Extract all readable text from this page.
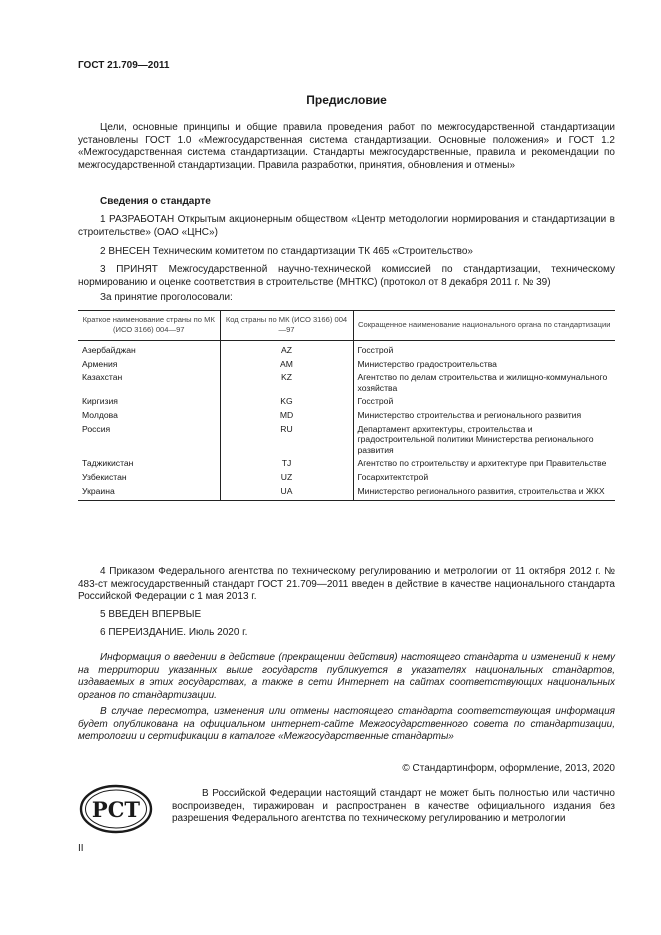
ГОСТ 21.709—2011
Предисловие

Цели, основные принципы и общие правила проведения работ по межгосударственной стандартизации установлены ГОСТ 1.0 «Межгосударственная система стандартизации. Основные положения» и ГОСТ 1.2 «Межгосударственная система стандартизации. Стандарты межгосударственные, правила и рекомендации по межгосударственной стандартизации. Правила разработки, принятия, обновления и отмены»

Сведения о стандарте

1 РАЗРАБОТАН Открытым акционерным обществом «Центр методологии нормирования и стандартизации в строительстве» (ОАО «ЦНС»)

2 ВНЕСЕН Техническим комитетом по стандартизации ТК 465 «Строительство»

3 ПРИНЯТ Межгосударственной научно-технической комиссией по стандартизации, техническому нормированию и оценке соответствия в строительстве (МНТКС) (протокол от 8 декабря 2011 г. № 39)

За принятие проголосовали:

Краткое наименование страны по МК (ИСО 3166) 004—97	Код страны по МК (ИСО 3166) 004—97	Сокращенное наименование национального органа по стандартизации
Азербайджан	AZ	Госстрой
Армения	AM	Министерство градостроительства
Казахстан	KZ	Агентство по делам строительства и жилищно-коммунального хозяйства
Киргизия	KG	Госстрой
Молдова	MD	Министерство строительства и регионального развития
Россия	RU	Департамент архитектуры, строительства и градостроительной политики Министерства регионального развития
Таджикистан	TJ	Агентство по строительству и архитектуре при Правительстве
Узбекистан	UZ	Госархитектстрой
Украина	UA	Министерство регионального развития, строительства и ЖКХ

4 Приказом Федерального агентства по техническому регулированию и метрологии от 11 октября 2012 г. № 483-ст межгосударственный стандарт ГОСТ 21.709—2011 введен в действие в качестве национального стандарта Российской Федерации с 1 мая 2013 г.

5 ВВЕДЕН ВПЕРВЫЕ

6 ПЕРЕИЗДАНИЕ. Июль 2020 г.

Информация о введении в действие (прекращении действия) настоящего стандарта и изменений к нему на территории указанных выше государств публикуется в указателях национальных стандартов, издаваемых в этих государствах, а также в сети Интернет на сайтах соответствующих национальных органов по стандартизации.

В случае пересмотра, изменения или отмены настоящего стандарта соответствующая информация будет опубликована на официальном интернет-сайте Межгосударственного совета по стандартизации, метрологии и сертификации в каталоге «Межгосударственные стандарты»

© Стандартинформ, оформление, 2013, 2020
РСТ

В Российской Федерации настоящий стандарт не может быть полностью или частично воспроизведен, тиражирован и распространен в качестве официального издания без разрешения Федерального агентства по техническому регулированию и метрологии

II
